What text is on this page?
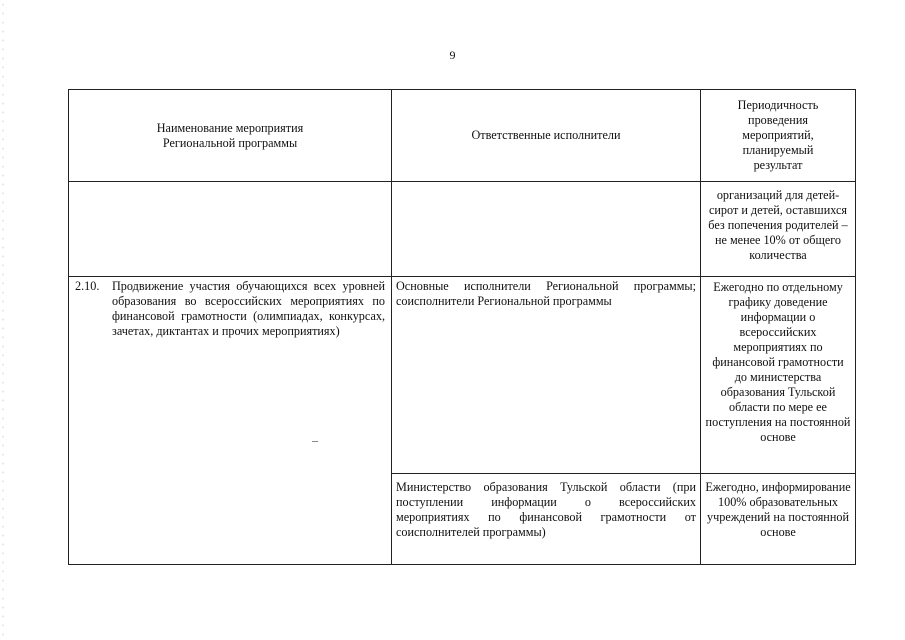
9
Наименование мероприятия Региональной программы	Ответственные исполнители	Периодичность проведения мероприятий, планируемый результат

		организаций для детей-сирот и детей, оставшихся без попечения родителей – не менее 10% от общего количества

2.10. Продвижение участия обучающихся всех уровней образования во всероссийских мероприятиях по финансовой грамотности (олимпиадах, конкурсах, зачетах, диктантах и прочих мероприятиях)	Основные исполнители Региональной программы; соисполнители Региональной программы	Ежегодно по отдельному графику доведение информации о всероссийских мероприятиях по финансовой грамотности до министерства образования Тульской области по мере ее поступления на постоянной основе

	Министерство образования Тульской области (при поступлении информации о всероссийских мероприятиях по финансовой грамотности от соисполнителей программы)	Ежегодно, информирование 100% образовательных учреждений на постоянной основе
